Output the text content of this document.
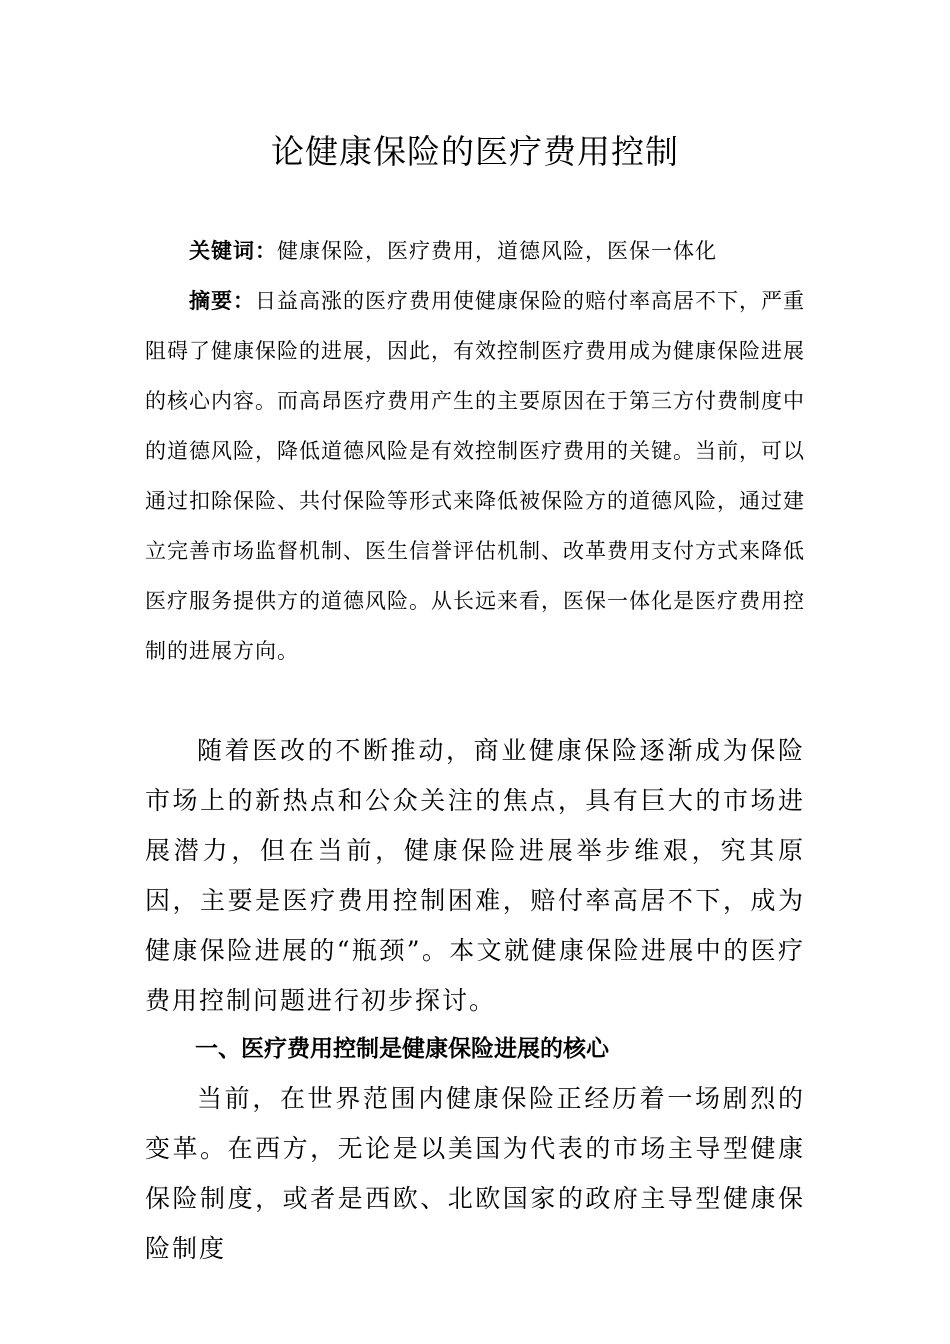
论健康保险的医疗费用控制

关键词：健康保险，医疗费用，道德风险，医保一体化

摘要：日益高涨的医疗费用使健康保险的赔付率高居不下，严重阻碍了健康保险的进展，因此，有效控制医疗费用成为健康保险进展的核心内容。而高昂医疗费用产生的主要原因在于第三方付费制度中的道德风险，降低道德风险是有效控制医疗费用的关键。当前，可以通过扣除保险、共付保险等形式来降低被保险方的道德风险，通过建立完善市场监督机制、医生信誉评估机制、改革费用支付方式来降低医疗服务提供方的道德风险。从长远来看，医保一体化是医疗费用控制的进展方向。

随着医改的不断推动，商业健康保险逐渐成为保险市场上的新热点和公众关注的焦点，具有巨大的市场进展潜力，但在当前，健康保险进展举步维艰，究其原因，主要是医疗费用控制困难，赔付率高居不下，成为健康保险进展的“瓶颈”。本文就健康保险进展中的医疗费用控制问题进行初步探讨。

一、医疗费用控制是健康保险进展的核心

当前，在世界范围内健康保险正经历着一场剧烈的变革。在西方，无论是以美国为代表的市场主导型健康保险制度，或者是西欧、北欧国家的政府主导型健康保险制度
